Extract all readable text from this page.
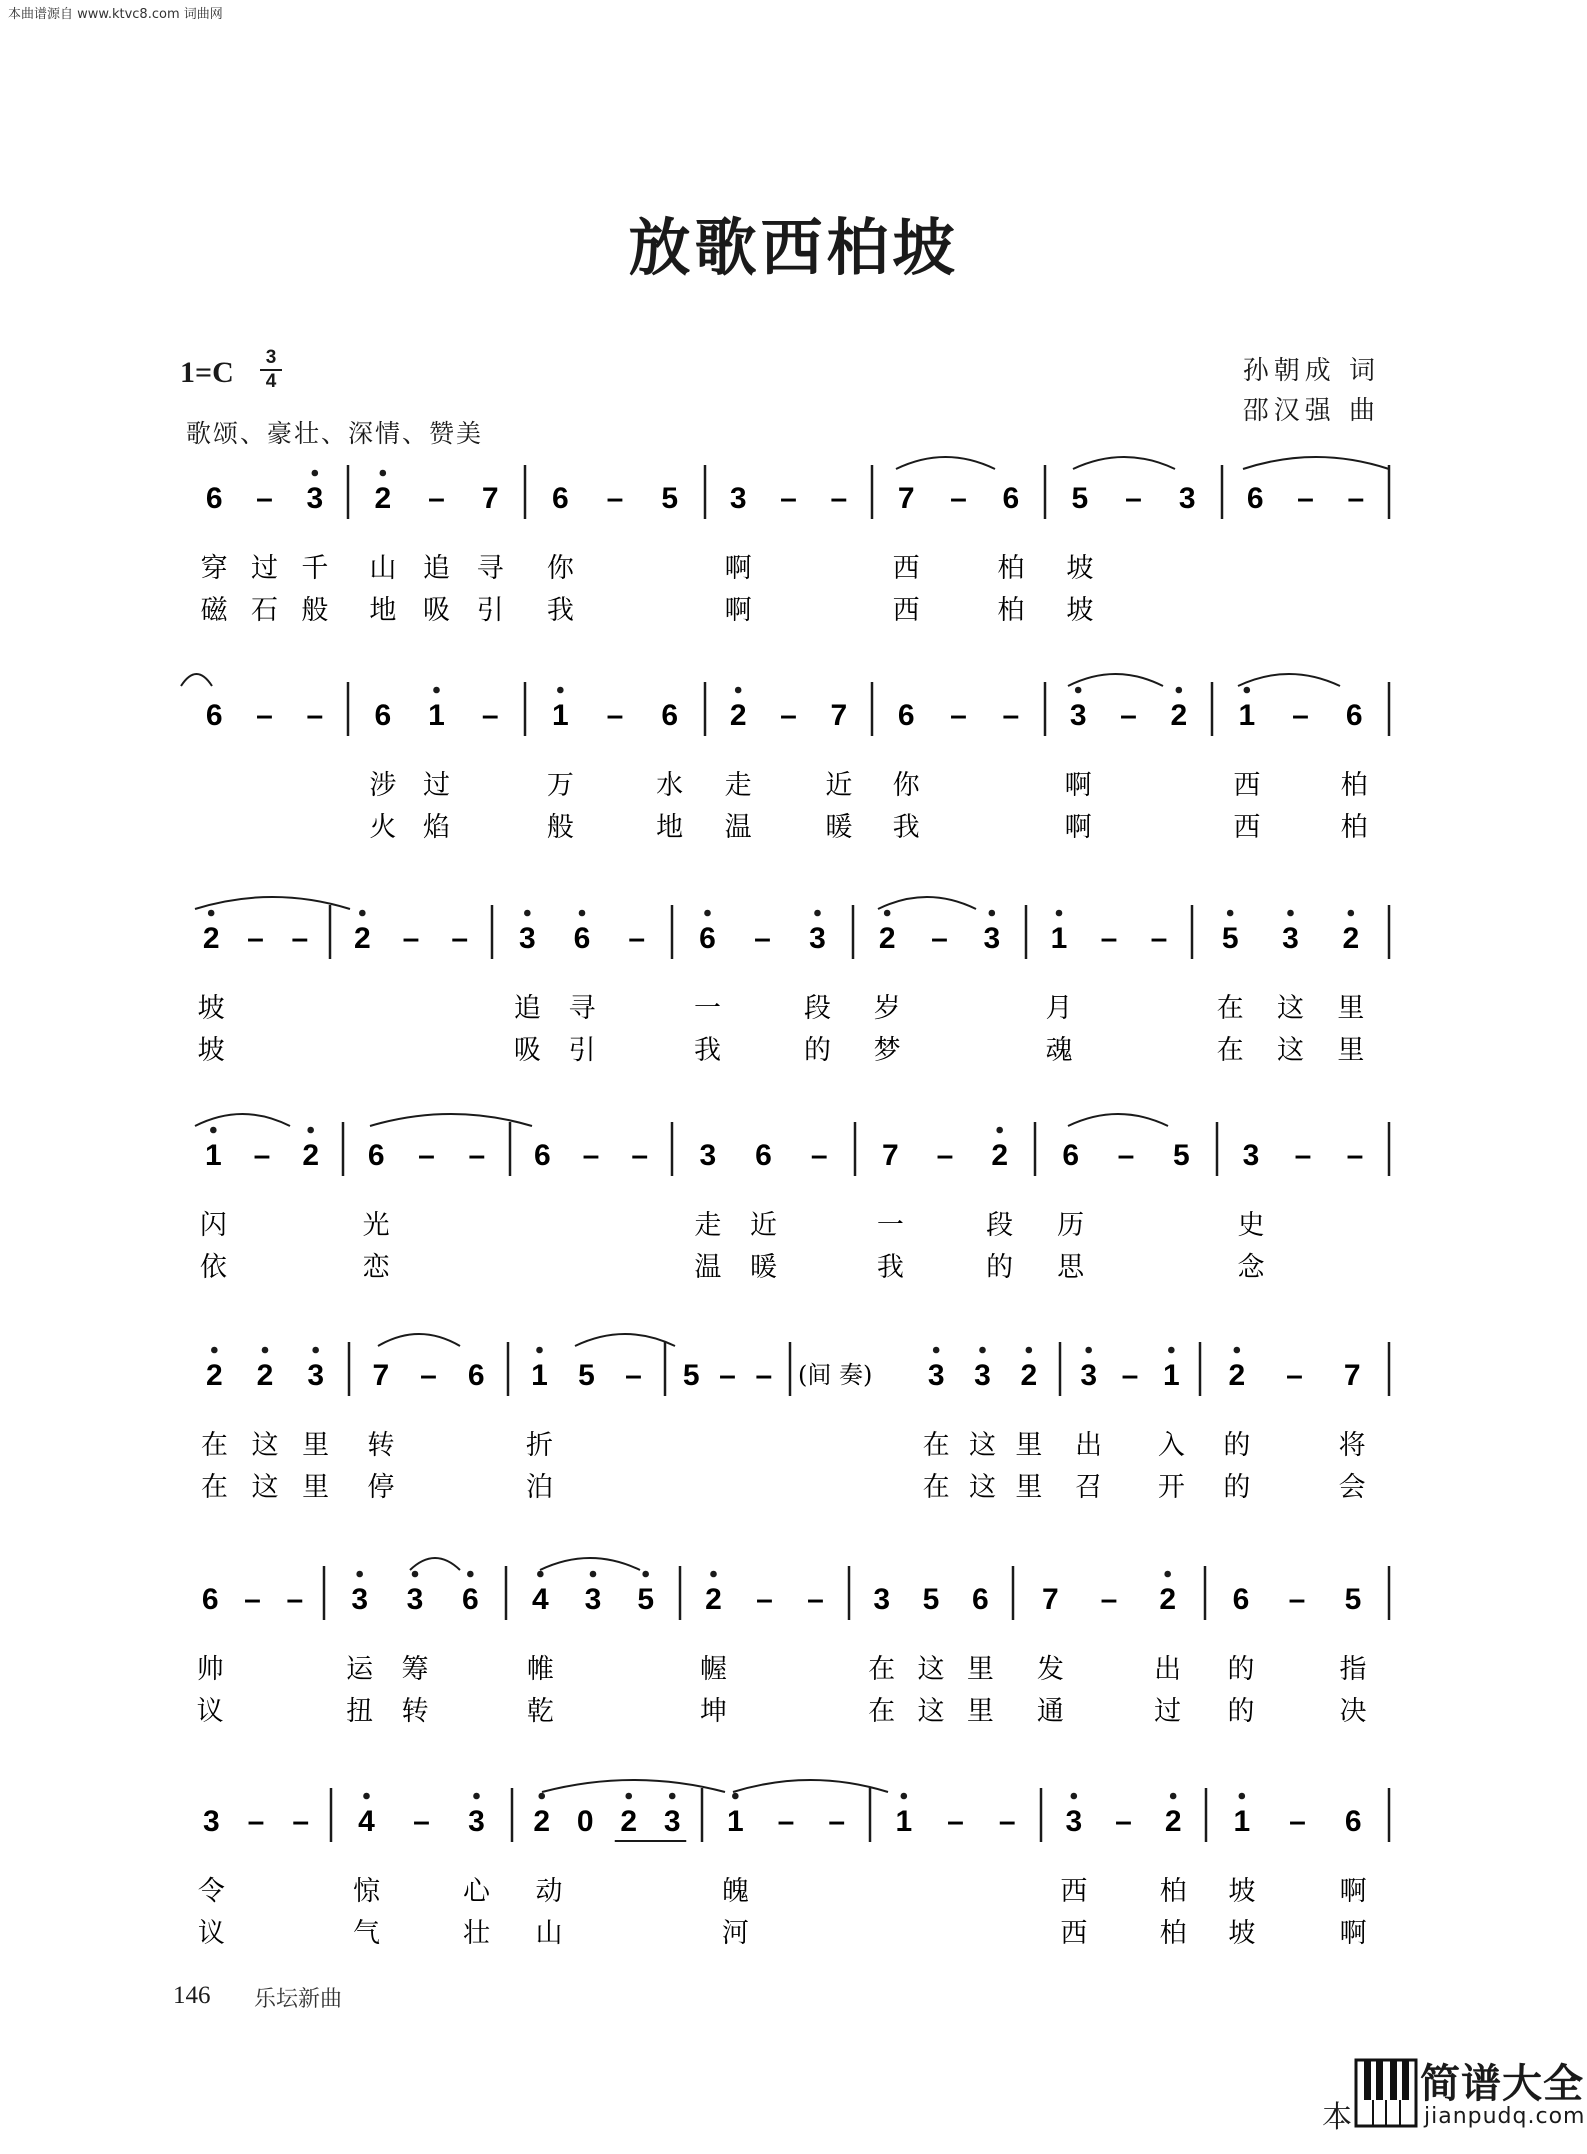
本曲谱源自 www.ktvc8.com 词曲网
放歌西柏坡
1=C	3
4
歌颂、豪壮、深情、赞美
孙朝成 词
邵汉强 曲
6 – 3 2 – 7 6 – 5 3 – – 7 – 6 5 – 3 6 – –
穿 过 千 山 追 寻 你	啊	西	柏 坡
磁 石 般 地 吸 引 我	啊	西	柏 坡
6 – – 6 1 – 1 – 6 2 – 7 6 – – 3 – 2 1 – 6
涉 过	万	水 走	近 你	啊	西	柏
火 焰	般	地 温	暖 我	啊	西	柏
2 – – 2 – – 3 6 – 6 – 3 2 – 3 1 – – 5 3 2
坡	追 寻	一	段 岁	月	在 这 里
坡	吸 引	我	的 梦	魂	在 这 里
1 – 2 6 – – 6 – – 3 6 – 7 – 2 6 – 5 3 – –
闪	光	走 近	一	段 历	史
依	恋	温 暖	我	的 思	念
2 2 3 7 – 6 1 5 – 5 – –	3 3 2 3 – 1 2 – 7
在 这 里 转	折	在 这 里 出 入 的	将
在 这 里 停	泊	在 这 里 召 开 的	会
6 – – 3 3 6 4 3 5 2 – – 3 5 6 7 – 2 6 – 5
帅	运 筹	帷	幄	在 这 里 发	出 的	指
议	扭 转	乾	坤	在 这 里 通	过 的	决
3 – – 4 – 3 2 0 2 3 1 – – 1 – – 3 – 2 1 – 6
令	惊	心 动	魄	西	柏 坡	啊
议	气	壮 山	河	西	柏 坡	啊
(间 奏)
146 乐坛新曲
本
简谱大全
jianpudq.com
